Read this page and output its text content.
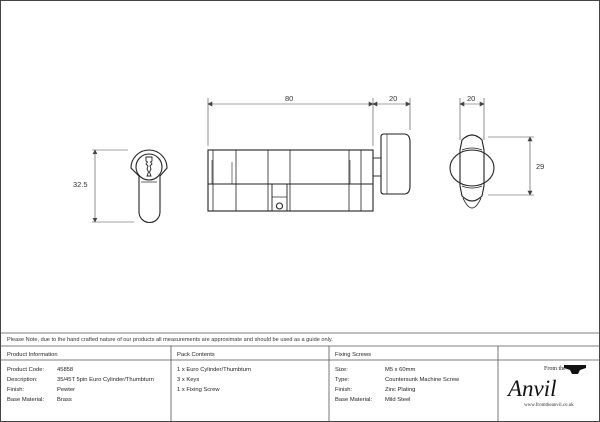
32.5
80	20	20
29
Please Note, due to the hand crafted nature of our products all measurements are approximate and should be used as a guide only.
Product Information
Product Code: 45858
Description:	35/45T 5pin Euro Cylinder/Thumbturn
Finish:	Pewter
Base Material: Brass
Pack Contents
1 x Euro Cylinder/Thumbturn
3 x Keys
1 x Fixing Screw
Fixing Screws
Size:	M5 x 60mm
Type:	Countersunk Machine Screw
Finish:	Zinc Plating
Base Material: Mild Steel
From the
Anvil
www.fromtheanvil.co.uk
